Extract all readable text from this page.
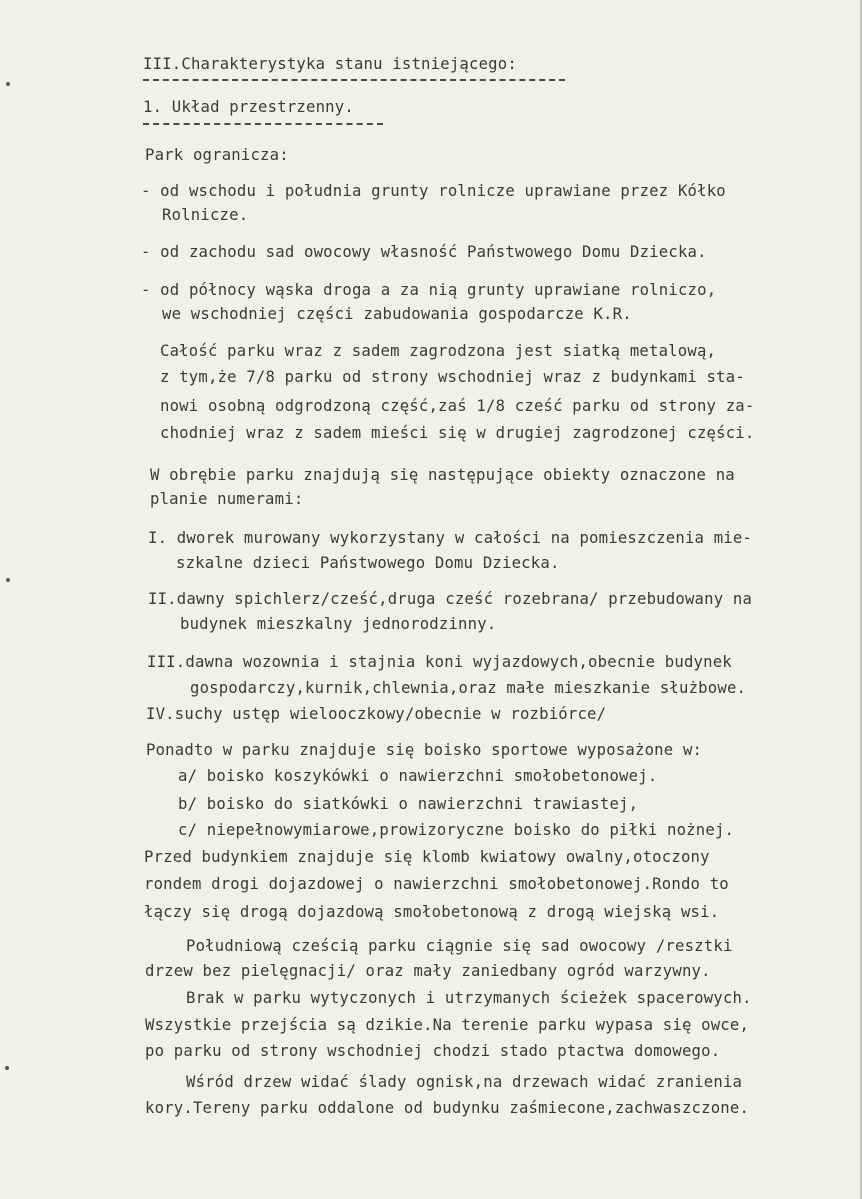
III.Charakterystyka stanu istniejącego:
1. Układ przestrzenny.
Park ogranicza:
- od wschodu i południa grunty rolnicze uprawiane przez Kółko
Rolnicze.
- od zachodu sad owocowy własność Państwowego Domu Dziecka.
- od północy wąska droga a za nią grunty uprawiane rolniczo,
we wschodniej części zabudowania gospodarcze K.R.
Całość parku wraz z sadem zagrodzona jest siatką metalową,
z tym,że 7/8 parku od strony wschodniej wraz z budynkami sta-
nowi osobną odgrodzoną część,zaś 1/8 cześć parku od strony za-
chodniej wraz z sadem mieści się w drugiej zagrodzonej części.
W obrębie parku znajdują się następujące obiekty oznaczone na
planie numerami:
I. dworek murowany wykorzystany w całości na pomieszczenia mie-
szkalne dzieci Państwowego Domu Dziecka.
II.dawny spichlerz/cześć,druga cześć rozebrana/ przebudowany na
budynek mieszkalny jednorodzinny.
III.dawna wozownia i stajnia koni wyjazdowych,obecnie budynek
gospodarczy,kurnik,chlewnia,oraz małe mieszkanie służbowe.
IV.suchy ustęp wielooczkowy/obecnie w rozbiórce/
Ponadto w parku znajduje się boisko sportowe wyposażone w:
a/ boisko koszykówki o nawierzchni smołobetonowej.
b/ boisko do siatkówki o nawierzchni trawiastej,
c/ niepełnowymiarowe,prowizoryczne boisko do piłki nożnej.
Przed budynkiem znajduje się klomb kwiatowy owalny,otoczony
rondem drogi dojazdowej o nawierzchni smołobetonowej.Rondo to
łączy się drogą dojazdową smołobetonową z drogą wiejską wsi.
Południową cześcią parku ciągnie się sad owocowy /resztki
drzew bez pielęgnacji/ oraz mały zaniedbany ogród warzywny.
Brak w parku wytyczonych i utrzymanych ścieżek spacerowych.
Wszystkie przejścia są dzikie.Na terenie parku wypasa się owce,
po parku od strony wschodniej chodzi stado ptactwa domowego.
Wśród drzew widać ślady ognisk,na drzewach widać zranienia
kory.Tereny parku oddalone od budynku zaśmiecone,zachwaszczone.
